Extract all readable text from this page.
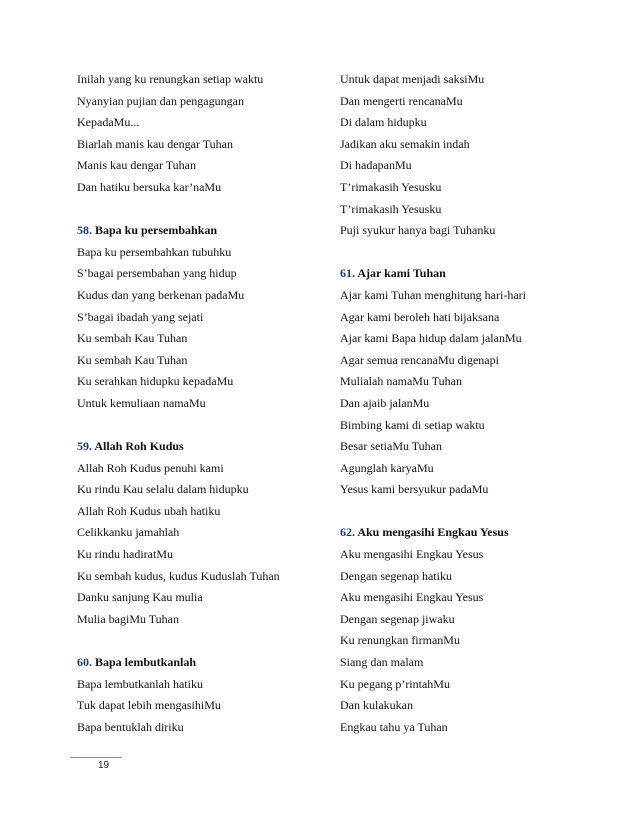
Inilah yang ku renungkan setiap waktu
Nyanyian pujian dan pengagungan
KepadaMu...
Biarlah manis kau dengar Tuhan
Manis kau dengar Tuhan
Dan hatiku bersuka kar’naMu
58. Bapa ku persembahkan
Bapa ku persembahkan tubuhku
S’bagai persembahan yang hidup
Kudus dan yang berkenan padaMu
S’bagai ibadah yang sejati
Ku sembah Kau Tuhan
Ku sembah Kau Tuhan
Ku serahkan hidupku kepadaMu
Untuk kemuliaan namaMu
59. Allah Roh Kudus
Allah Roh Kudus penuhi kami
Ku rindu Kau selalu dalam hidupku
Allah Roh Kudus ubah hatiku
Celikkanku jamahlah
Ku rindu hadiratMu
Ku sembah kudus, kudus Kuduslah Tuhan
Danku sanjung Kau mulia
Mulia bagiMu Tuhan
60. Bapa lembutkanlah
Bapa lembutkanlah hatiku
Tuk dapat lebih mengasihiMu
Bapa bentuklah diriku
Untuk dapat menjadi saksiMu
Dan mengerti rencanaMu
Di dalam hidupku
Jadikan aku semakin indah
Di hadapanMu
T’rimakasih Yesusku
T’rimakasih Yesusku
Puji syukur hanya bagi Tuhanku
61. Ajar kami Tuhan
Ajar kami Tuhan menghitung hari-hari
Agar kami beroleh hati bijaksana
Ajar kami Bapa hidup dalam jalanMu
Agar semua rencanaMu digenapi
Mulialah namaMu Tuhan
Dan ajaib jalanMu
Bimbing kami di setiap waktu
Besar setiaMu Tuhan
Agunglah karyaMu
Yesus kami bersyukur padaMu
62. Aku mengasihi Engkau Yesus
Aku mengasihi Engkau Yesus
Dengan segenap hatiku
Aku mengasihi Engkau Yesus
Dengan segenap jiwaku
Ku renungkan firmanMu
Siang dan malam
Ku pegang p’rintahMu
Dan kulakukan
Engkau tahu ya Tuhan
19
